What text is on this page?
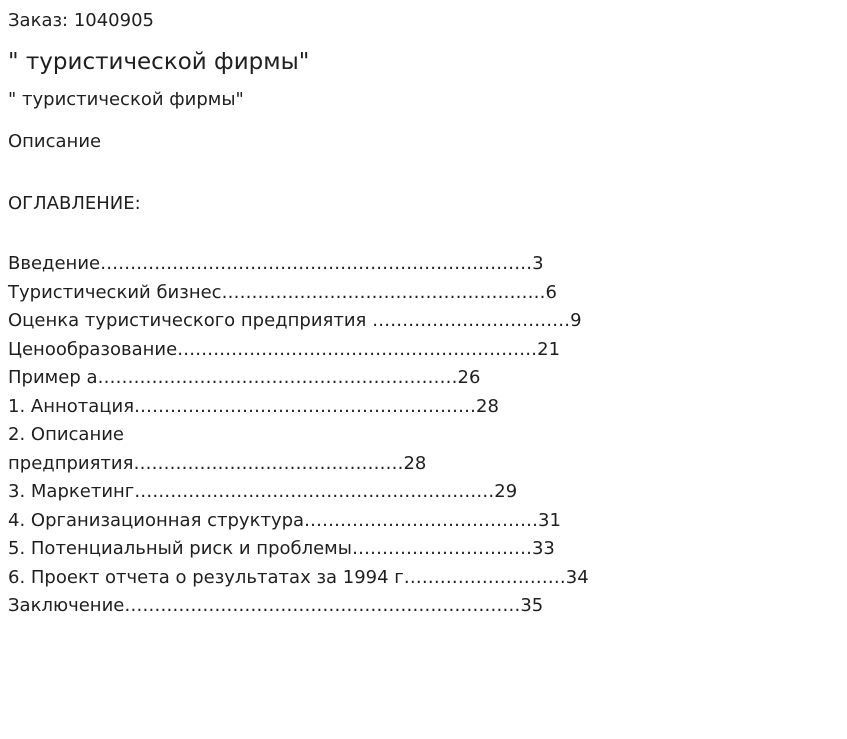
Заказ: 1040905
" туристической фирмы"
" туристической фирмы"
Описание
ОГЛАВЛЕНИЕ:
Введение………………………………………………………………3
Туристический бизнес………………………………………………6
Оценка туристического предприятия ……………………………9
Ценообразование……………………………………………………21
Пример а……………………………………………………26
1. Аннотация…………………………………………………28
2. Описание
предприятия………………………………………28
3. Маркетинг……………………………………………………29
4. Организационная структура…………………………………31
5. Потенциальный риск и проблемы…………………………33
6. Проект отчета о результатах за 1994 г………………………34
Заключение…………………………………………………………35
